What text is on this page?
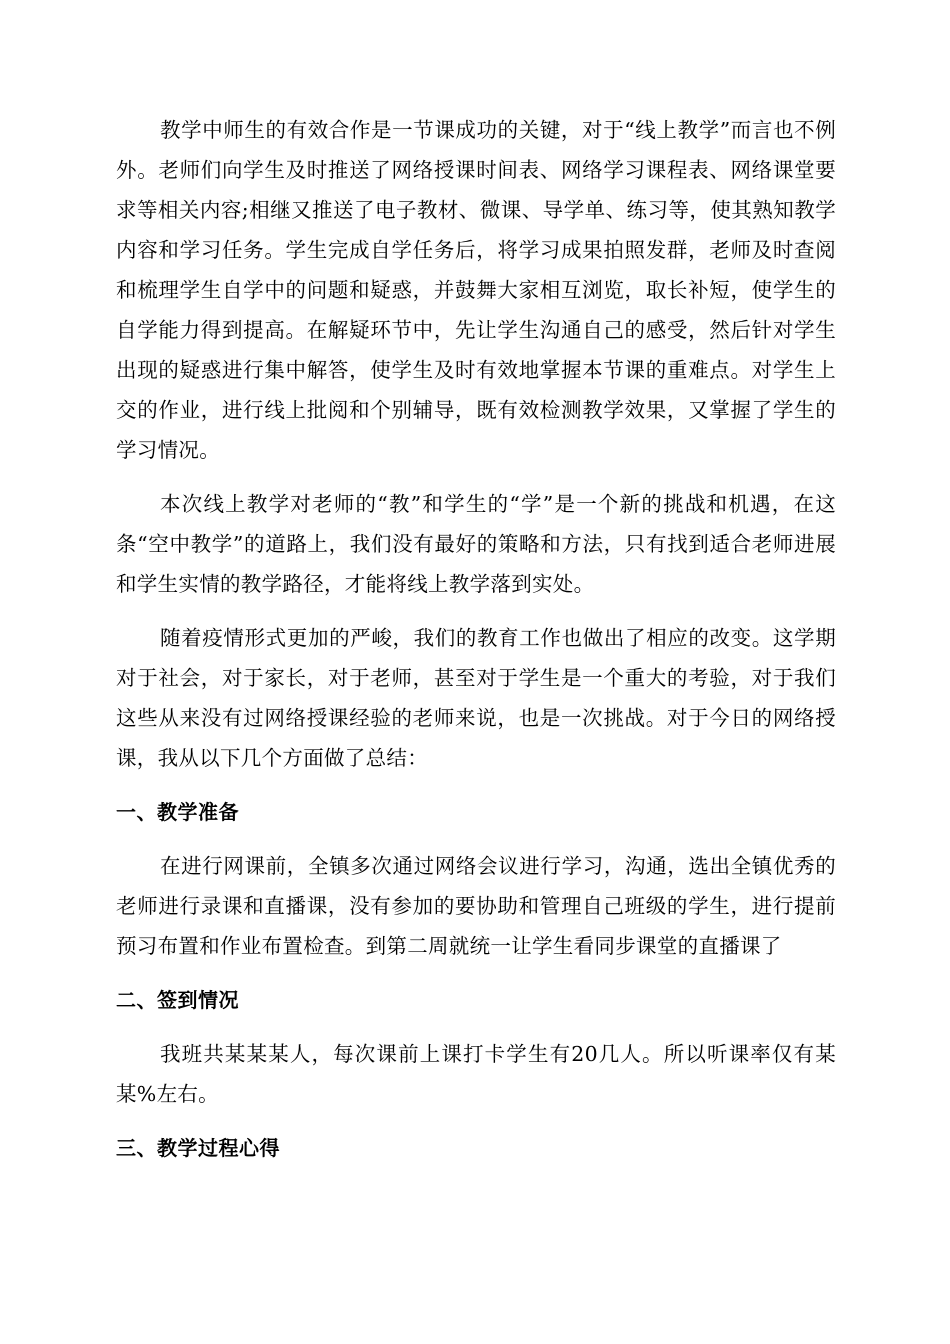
教学中师生的有效合作是一节课成功的关键，对于“线上教学”而言也不例外。老师们向学生及时推送了网络授课时间表、网络学习课程表、网络课堂要求等相关内容;相继又推送了电子教材、微课、导学单、练习等，使其熟知教学内容和学习任务。学生完成自学任务后，将学习成果拍照发群，老师及时查阅和梳理学生自学中的问题和疑惑，并鼓舞大家相互浏览，取长补短，使学生的自学能力得到提高。在解疑环节中，先让学生沟通自己的感受，然后针对学生出现的疑惑进行集中解答，使学生及时有效地掌握本节课的重难点。对学生上交的作业，进行线上批阅和个别辅导，既有效检测教学效果，又掌握了学生的学习情况。

本次线上教学对老师的“教”和学生的“学”是一个新的挑战和机遇，在这条“空中教学”的道路上，我们没有最好的策略和方法，只有找到适合老师进展和学生实情的教学路径，才能将线上教学落到实处。

随着疫情形式更加的严峻，我们的教育工作也做出了相应的改变。这学期对于社会，对于家长，对于老师，甚至对于学生是一个重大的考验，对于我们这些从来没有过网络授课经验的老师来说，也是一次挑战。对于今日的网络授课，我从以下几个方面做了总结：

一、教学准备

在进行网课前，全镇多次通过网络会议进行学习，沟通，选出全镇优秀的老师进行录课和直播课，没有参加的要协助和管理自己班级的学生，进行提前预习布置和作业布置检查。到第二周就统一让学生看同步课堂的直播课了

二、签到情况

我班共某某某人，每次课前上课打卡学生有20几人。所以听课率仅有某某%左右。

三、教学过程心得
